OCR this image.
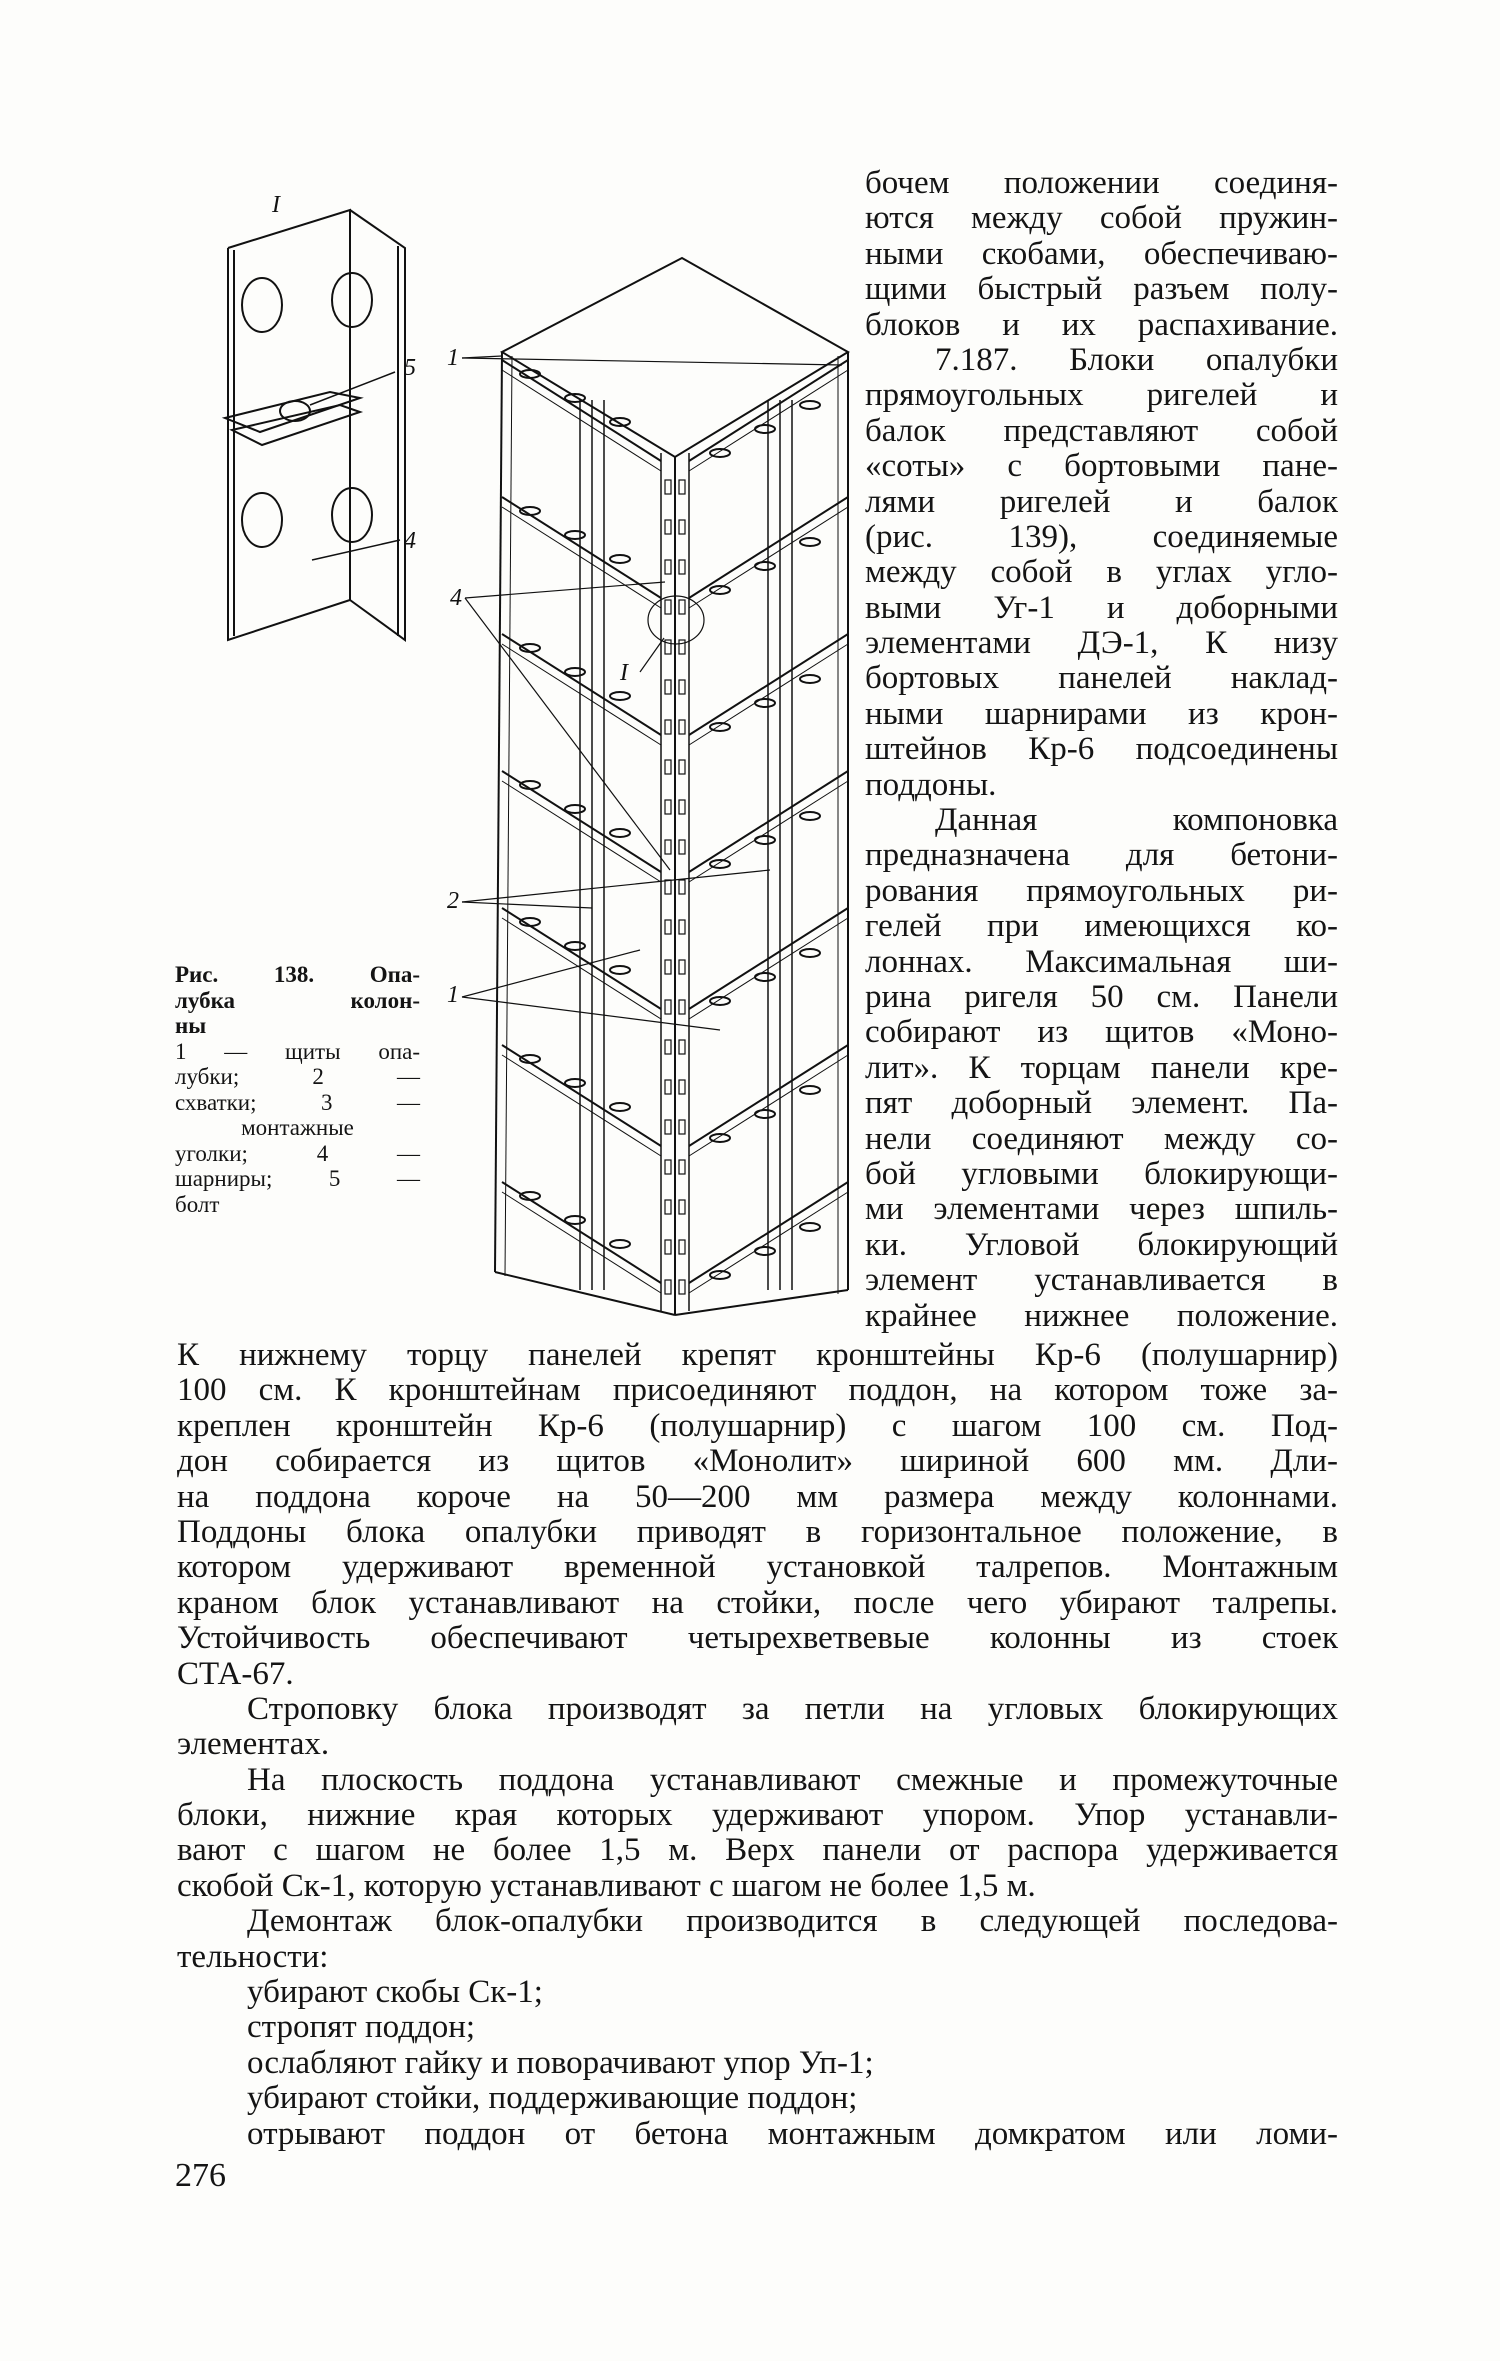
I
5
4
1
4
I
2
1
Рис. 138. Опа-
лубка колон-
ны
1 — щиты опа-
лубки; 2 —
схватки; 3 —
монтажные
уголки; 4 —
шарниры; 5 —
болт
бочем положении соединя-
ются между собой пружин-
ными скобами, обеспечиваю-
щими быстрый разъем полу-
блоков и их распахивание.
7.187. Блоки опалубки
прямоугольных ригелей и
балок представляют собой
«соты» с бортовыми пане-
лями ригелей и балок
(рис. 139), соединяемые
между собой в углах угло-
выми Уг-1 и доборными
элементами ДЭ-1, К низу
бортовых панелей наклад-
ными шарнирами из крон-
штейнов Кр-6 подсоединены
поддоны.
Данная компоновка
предназначена для бетони-
рования прямоугольных ри-
гелей при имеющихся ко-
лоннах. Максимальная ши-
рина ригеля 50 см. Панели
собирают из щитов «Моно-
лит». К торцам панели кре-
пят доборный элемент. Па-
нели соединяют между со-
бой угловыми блокирующи-
ми элементами через шпиль-
ки. Угловой блокирующий
элемент устанавливается в
крайнее нижнее положение.
К нижнему торцу панелей крепят кронштейны Кр-6 (полушарнир)
100 см. К кронштейнам присоединяют поддон, на котором тоже за-
креплен кронштейн Кр-6 (полушарнир) с шагом 100 см. Под-
дон собирается из щитов «Монолит» шириной 600 мм. Дли-
на поддона короче на 50—200 мм размера между колоннами.
Поддоны блока опалубки приводят в горизонтальное положение, в
котором удерживают временной установкой талрепов. Монтажным
краном блок устанавливают на стойки, после чего убирают талрепы.
Устойчивость обеспечивают четырехветвевые колонны из стоек
СТА-67.
Строповку блока производят за петли на угловых блокирующих
элементах.
На плоскость поддона устанавливают смежные и промежуточные
блоки, нижние края которых удерживают упором. Упор устанавли-
вают с шагом не более 1,5 м. Верх панели от распора удерживается
скобой Ск-1, которую устанавливают с шагом не более 1,5 м.
Демонтаж блок-опалубки производится в следующей последова-
тельности:
убирают скобы Ск-1;
стропят поддон;
ослабляют гайку и поворачивают упор Уп-1;
убирают стойки, поддерживающие поддон;
отрывают поддон от бетона монтажным домкратом или ломи-
276
